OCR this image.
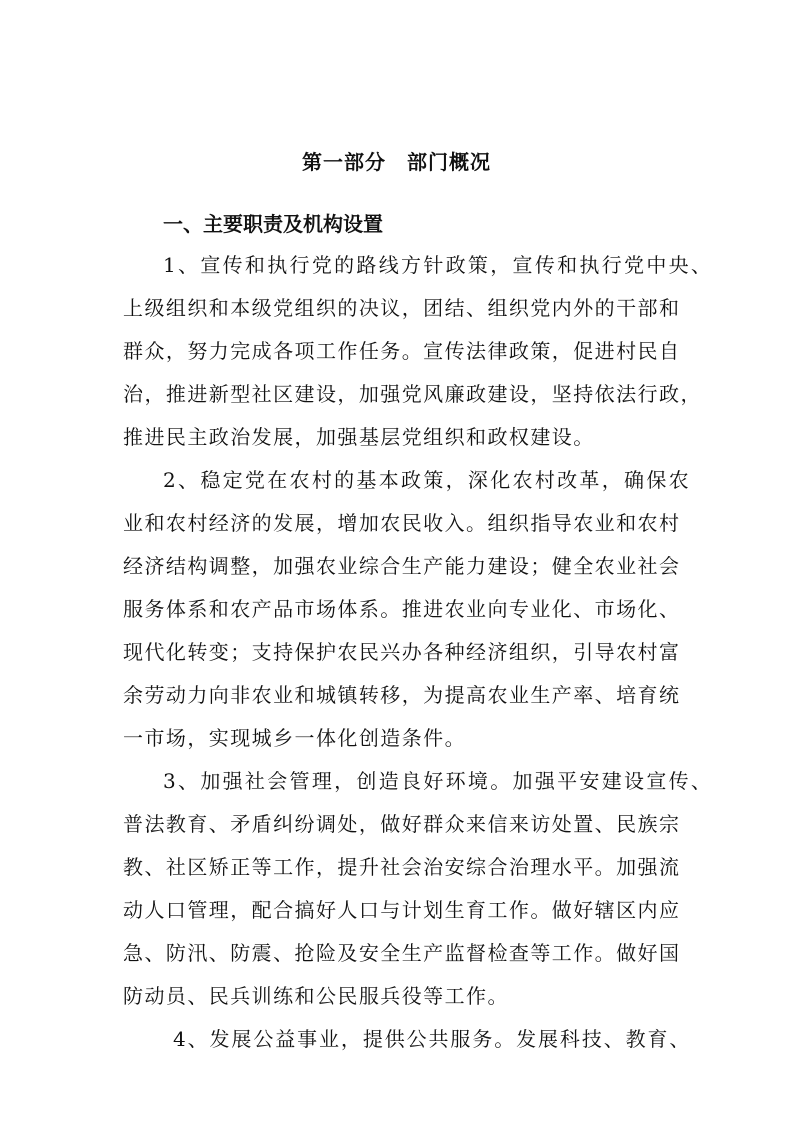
第一部分　部门概况
一、主要职责及机构设置

1、宣传和执行党的路线方针政策，宣传和执行党中央、

上级组织和本级党组织的决议，团结、组织党内外的干部和

群众，努力完成各项工作任务。宣传法律政策，促进村民自

治，推进新型社区建设，加强党风廉政建设，坚持依法行政，

推进民主政治发展，加强基层党组织和政权建设。

2、稳定党在农村的基本政策，深化农村改革，确保农

业和农村经济的发展，增加农民收入。组织指导农业和农村

经济结构调整，加强农业综合生产能力建设；健全农业社会

服务体系和农产品市场体系。推进农业向专业化、市场化、

现代化转变；支持保护农民兴办各种经济组织，引导农村富

余劳动力向非农业和城镇转移，为提高农业生产率、培育统

一市场，实现城乡一体化创造条件。

3、加强社会管理，创造良好环境。加强平安建设宣传、

普法教育、矛盾纠纷调处，做好群众来信来访处置、民族宗

教、社区矫正等工作，提升社会治安综合治理水平。加强流

动人口管理，配合搞好人口与计划生育工作。做好辖区内应

急、防汛、防震、抢险及安全生产监督检查等工作。做好国

防动员、民兵训练和公民服兵役等工作。

4、发展公益事业，提供公共服务。发展科技、教育、
